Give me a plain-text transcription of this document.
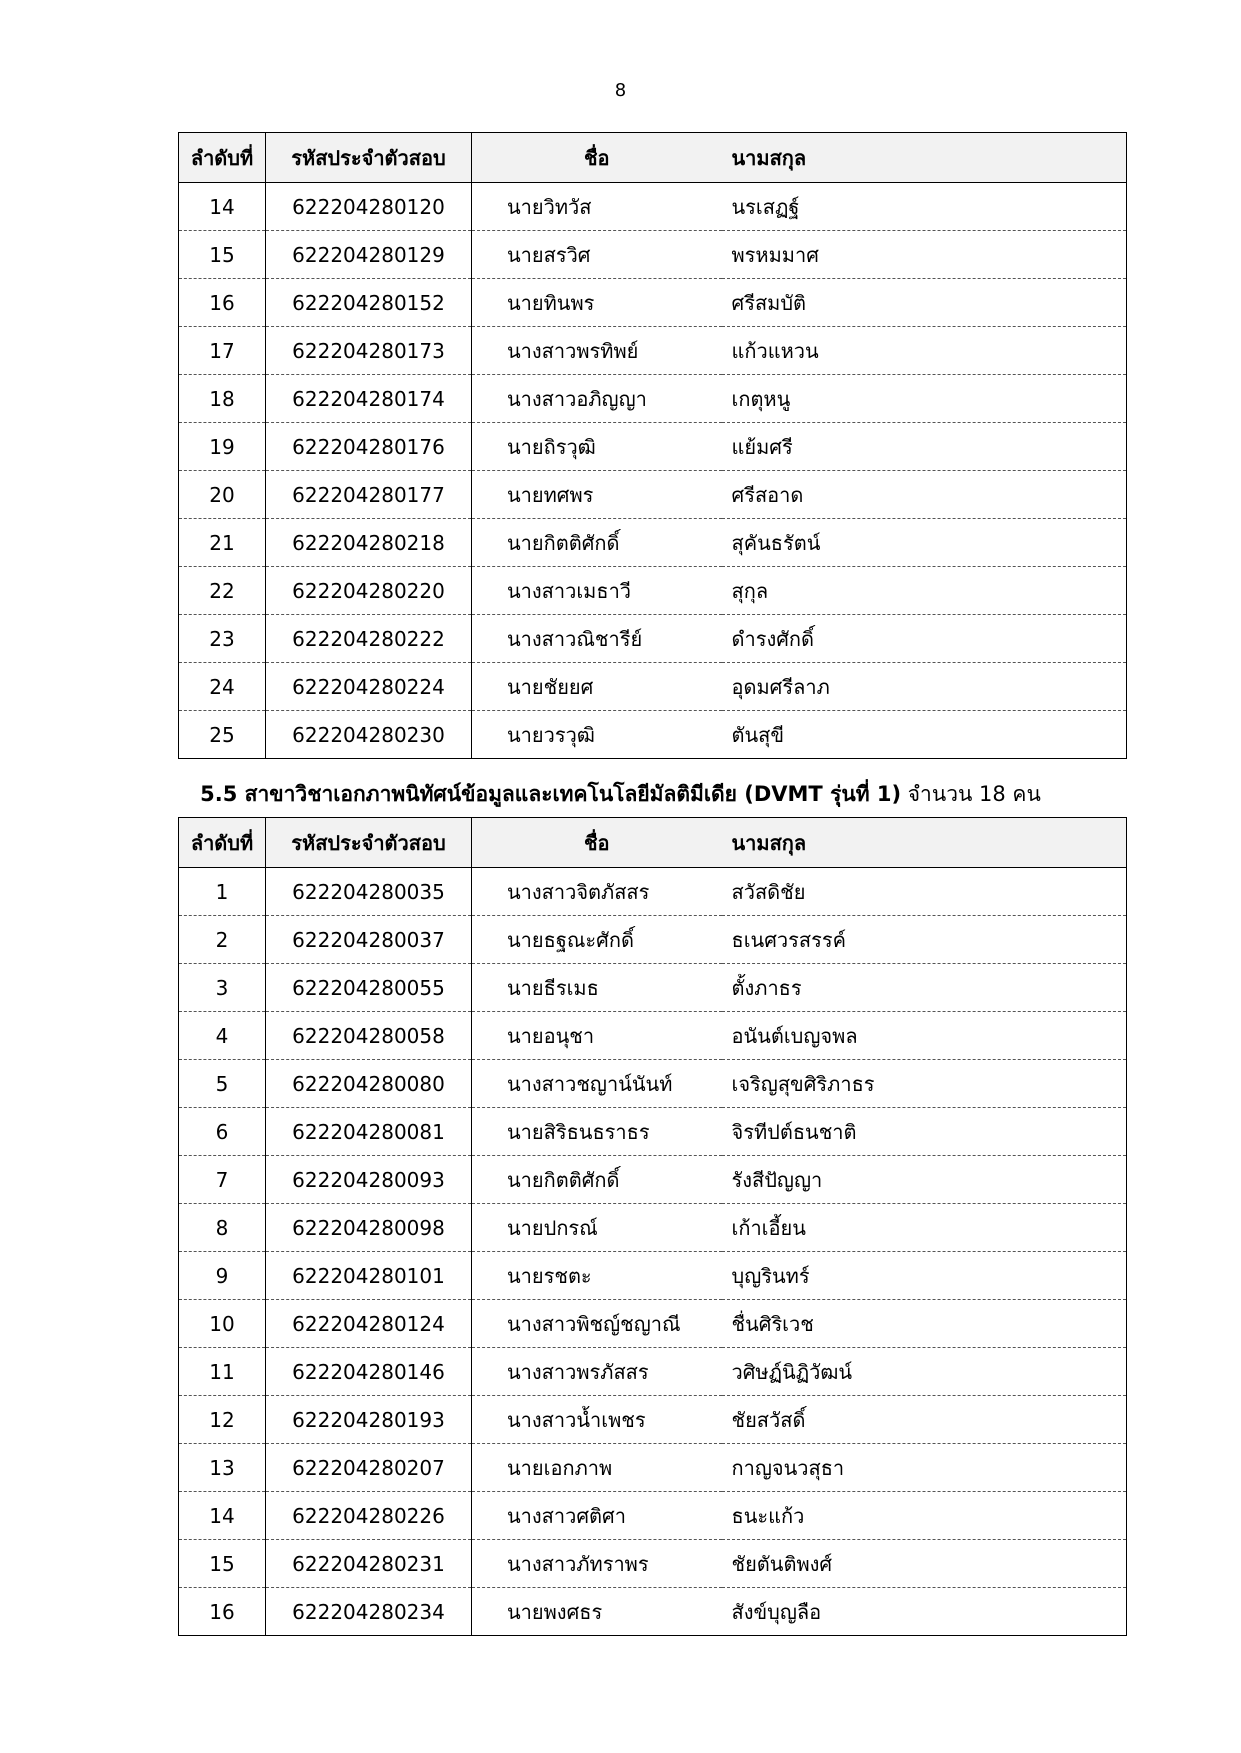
8
ลำดับที่	รหัสประจำตัวสอบ	ชื่อ	นามสกุล
14	622204280120	นายวิทวัส	นรเสฏฐ์
15	622204280129	นายสรวิศ	พรหมมาศ
16	622204280152	นายทินพร	ศรีสมบัติ
17	622204280173	นางสาวพรทิพย์	แก้วแหวน
18	622204280174	นางสาวอภิญญา	เกตุหนู
19	622204280176	นายถิรวุฒิ	แย้มศรี
20	622204280177	นายทศพร	ศรีสอาด
21	622204280218	นายกิตติศักดิ์	สุคันธรัตน์
22	622204280220	นางสาวเมธาวี	สุกุล
23	622204280222	นางสาวณิชารีย์	ดำรงศักดิ์
24	622204280224	นายชัยยศ	อุดมศรีลาภ
25	622204280230	นายวรวุฒิ	ตันสุขี
5.5 สาขาวิชาเอกภาพนิทัศน์ข้อมูลและเทคโนโลยีมัลติมีเดีย (DVMT รุ่นที่ 1) จำนวน 18 คน
ลำดับที่	รหัสประจำตัวสอบ	ชื่อ	นามสกุล
1	622204280035	นางสาวจิตภัสสร	สวัสดิชัย
2	622204280037	นายธฐณะศักดิ์	ธเนศวรสรรค์
3	622204280055	นายธีรเมธ	ตั้งภาธร
4	622204280058	นายอนุชา	อนันต์เบญจพล
5	622204280080	นางสาวชญาน์นันท์	เจริญสุขศิริภาธร
6	622204280081	นายสิริธนธราธร	จิรทีปต์ธนชาติ
7	622204280093	นายกิตติศักดิ์	รังสีปัญญา
8	622204280098	นายปกรณ์	เก้าเอี้ยน
9	622204280101	นายรชตะ	บุญรินทร์
10	622204280124	นางสาวพิชญ์ชญาณี	ชื่นศิริเวช
11	622204280146	นางสาวพรภัสสร	วศิษฏ์นิฏิวัฒน์
12	622204280193	นางสาวน้ำเพชร	ชัยสวัสดิ์
13	622204280207	นายเอกภาพ	กาญจนวสุธา
14	622204280226	นางสาวศติศา	ธนะแก้ว
15	622204280231	นางสาวภัทราพร	ชัยตันติพงศ์
16	622204280234	นายพงศธร	สังข์บุญลือ
